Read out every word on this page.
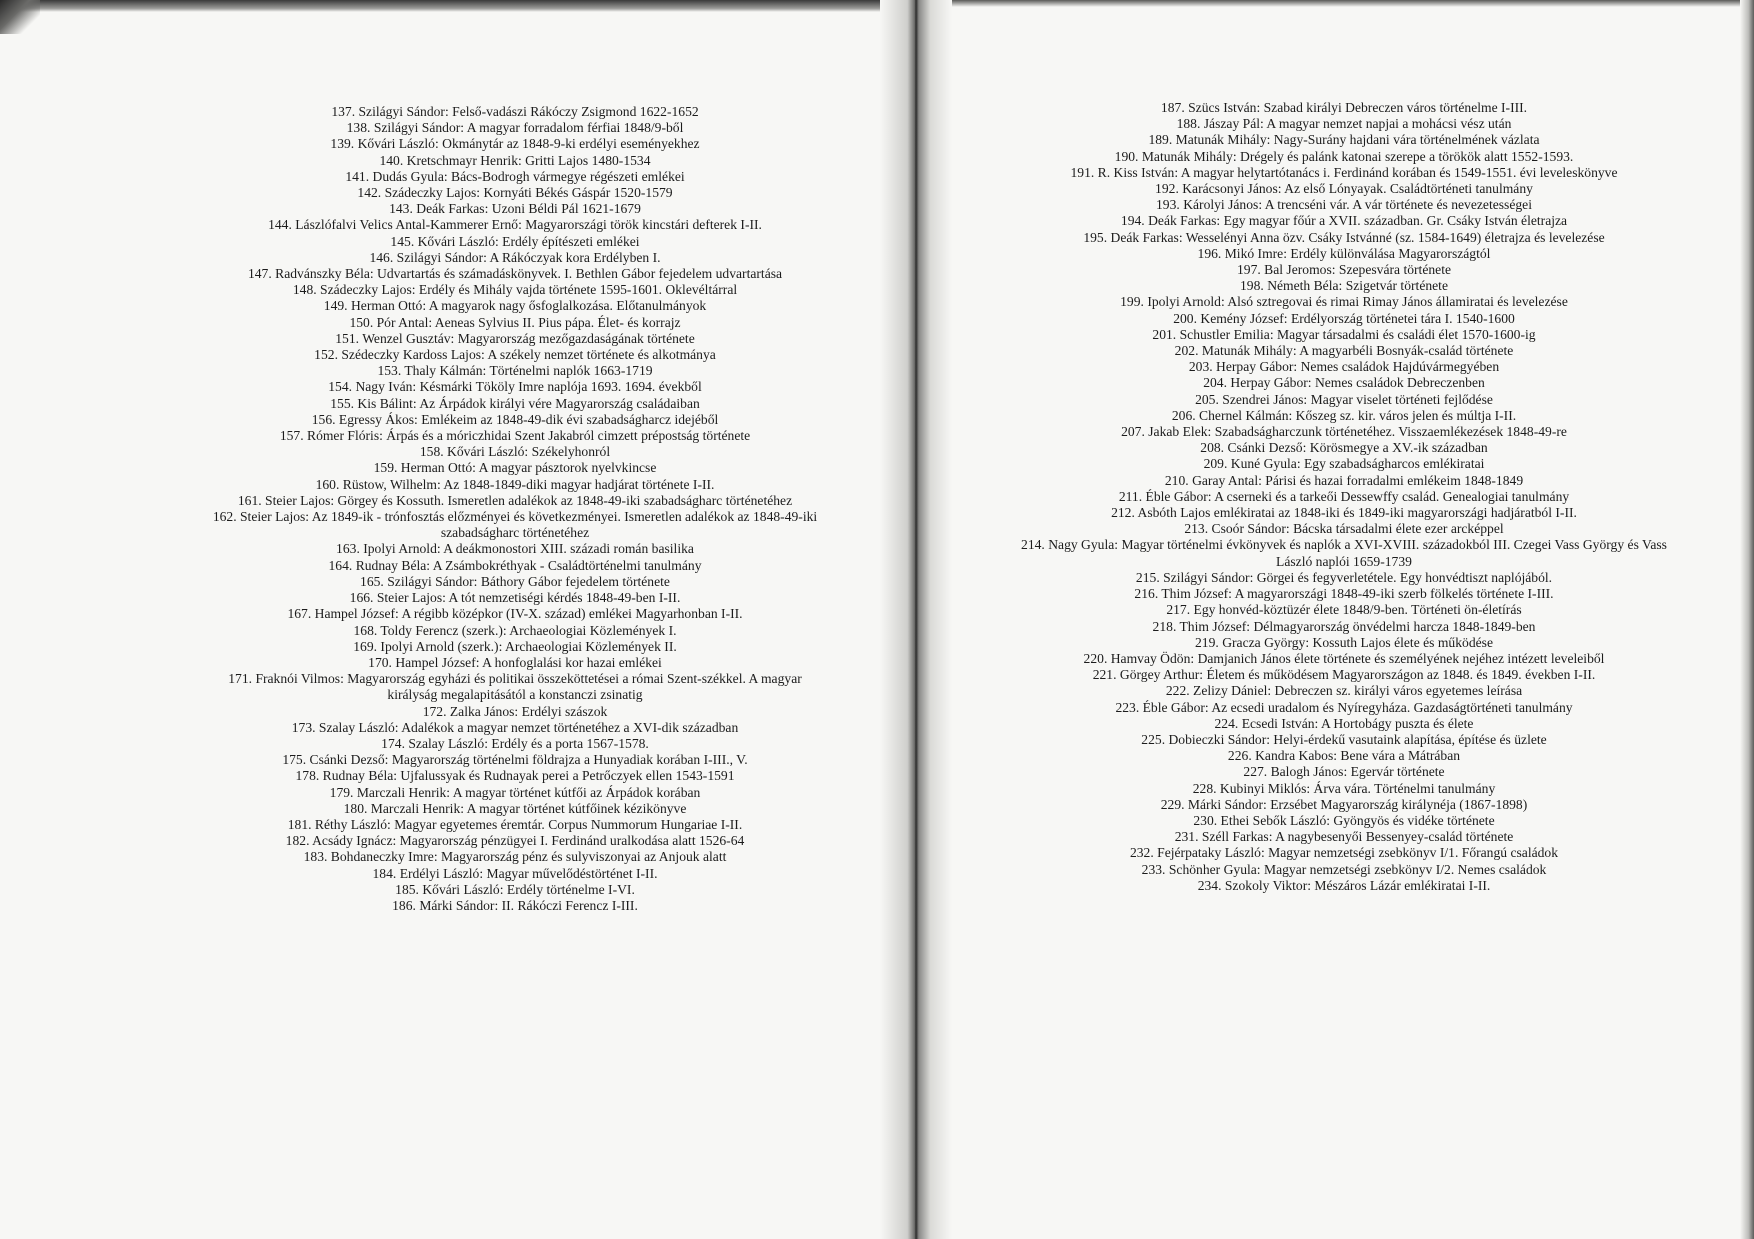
137. Szilágyi Sándor: Felső-vadászi Rákóczy Zsigmond 1622-1652
138. Szilágyi Sándor: A magyar forradalom férfiai 1848/9-ből
139. Kővári László: Okmánytár az 1848-9-ki erdélyi eseményekhez
140. Kretschmayr Henrik: Gritti Lajos 1480-1534
141. Dudás Gyula: Bács-Bodrogh vármegye régészeti emlékei
142. Szádeczky Lajos: Kornyáti Békés Gáspár 1520-1579
143. Deák Farkas: Uzoni Béldi Pál 1621-1679
144. Lászlófalvi Velics Antal-Kammerer Ernő: Magyarországi török kincstári defterek I-II.
145. Kővári László: Erdély építészeti emlékei
146. Szilágyi Sándor: A Rákóczyak kora Erdélyben I.
147. Radvánszky Béla: Udvartartás és számadáskönyvek. I. Bethlen Gábor fejedelem udvartartása
148. Szádeczky Lajos: Erdély és Mihály vajda története 1595-1601. Oklevéltárral
149. Herman Ottó: A magyarok nagy ősfoglalkozása. Előtanulmányok
150. Pór Antal: Aeneas Sylvius II. Pius pápa. Élet- és korrajz
151. Wenzel Gusztáv: Magyarország mezőgazdaságának története
152. Szédeczky Kardoss Lajos: A székely nemzet története és alkotmánya
153. Thaly Kálmán: Történelmi naplók 1663-1719
154. Nagy Iván: Késmárki Tököly Imre naplója 1693. 1694. évekből
155. Kis Bálint: Az Árpádok királyi vére Magyarország családaiban
156. Egressy Ákos: Emlékeim az 1848-49-dik évi szabadságharcz idejéből
157. Rómer Flóris: Árpás és a móriczhidai Szent Jakabról cimzett prépostság története
158. Kővári László: Székelyhonról
159. Herman Ottó: A magyar pásztorok nyelvkincse
160. Rüstow, Wilhelm: Az 1848-1849-diki magyar hadjárat története I-II.
161. Steier Lajos: Görgey és Kossuth. Ismeretlen adalékok az 1848-49-iki szabadságharc történetéhez
162. Steier Lajos: Az 1849-ik - trónfosztás előzményei és következményei. Ismeretlen adalékok az 1848-49-iki szabadságharc történetéhez
163. Ipolyi Arnold: A deákmonostori XIII. századi román basilika
164. Rudnay Béla: A Zsámbokréthyak - Családtörténelmi tanulmány
165. Szilágyi Sándor: Báthory Gábor fejedelem története
166. Steier Lajos: A tót nemzetiségi kérdés 1848-49-ben I-II.
167. Hampel József: A régibb középkor (IV-X. század) emlékei Magyarhonban I-II.
168. Toldy Ferencz (szerk.): Archaeologiai Közlemények I.
169. Ipolyi Arnold (szerk.): Archaeologiai Közlemények II.
170. Hampel József: A honfoglalási kor hazai emlékei
171. Fraknói Vilmos: Magyarország egyházi és politikai összeköttetései a római Szent-székkel. A magyar királyság megalapitásától a konstanczi zsinatig
172. Zalka János: Erdélyi szászok
173. Szalay László: Adalékok a magyar nemzet történetéhez a XVI-dik században
174. Szalay László: Erdély és a porta 1567-1578.
175. Csánki Dezső: Magyarország történelmi földrajza a Hunyadiak korában I-III., V.
178. Rudnay Béla: Ujfalussyak és Rudnayak perei a Petrőczyek ellen 1543-1591
179. Marczali Henrik: A magyar történet kútfői az Árpádok korában
180. Marczali Henrik: A magyar történet kútfőinek kézikönyve
181. Réthy László: Magyar egyetemes éremtár. Corpus Nummorum Hungariae I-II.
182. Acsády Ignácz: Magyarország pénzügyei I. Ferdinánd uralkodása alatt 1526-64
183. Bohdaneczky Imre: Magyarország pénz és sulyviszonyai az Anjouk alatt
184. Erdélyi László: Magyar művelődéstörténet I-II.
185. Kővári László: Erdély történelme I-VI.
186. Márki Sándor: II. Rákóczi Ferencz I-III.
187. Szücs István: Szabad királyi Debreczen város történelme I-III.
188. Jászay Pál: A magyar nemzet napjai a mohácsi vész után
189. Matunák Mihály: Nagy-Surány hajdani vára történelmének vázlata
190. Matunák Mihály: Drégely és palánk katonai szerepe a törökök alatt 1552-1593.
191. R. Kiss István: A magyar helytartótanács i. Ferdinánd korában és 1549-1551. évi leveleskönyve
192. Karácsonyi János: Az első Lónyayak. Családtörténeti tanulmány
193. Károlyi János: A trencséni vár. A vár története és nevezetességei
194. Deák Farkas: Egy magyar főúr a XVII. században. Gr. Csáky István életrajza
195. Deák Farkas: Wesselényi Anna özv. Csáky Istvánné (sz. 1584-1649) életrajza és levelezése
196. Mikó Imre: Erdély különválása Magyarországtól
197. Bal Jeromos: Szepesvára története
198. Németh Béla: Szigetvár története
199. Ipolyi Arnold: Alsó sztregovai és rimai Rimay János államiratai és levelezése
200. Kemény József: Erdélyország történetei tára I. 1540-1600
201. Schustler Emilia: Magyar társadalmi és családi élet 1570-1600-ig
202. Matunák Mihály: A magyarbéli Bosnyák-család története
203. Herpay Gábor: Nemes családok Hajdúvármegyében
204. Herpay Gábor: Nemes családok Debreczenben
205. Szendrei János: Magyar viselet történeti fejlődése
206. Chernel Kálmán: Kőszeg sz. kir. város jelen és múltja I-II.
207. Jakab Elek: Szabadságharczunk történetéhez. Visszaemlékezések 1848-49-re
208. Csánki Dezső: Körösmegye a XV.-ik században
209. Kuné Gyula: Egy szabadságharcos emlékiratai
210. Garay Antal: Párisi és hazai forradalmi emlékeim 1848-1849
211. Éble Gábor: A cserneki és a tarkeői Dessewffy család. Genealogiai tanulmány
212. Asbóth Lajos emlékiratai az 1848-iki és 1849-iki magyarországi hadjáratból I-II.
213. Csoór Sándor: Bácska társadalmi élete ezer arcképpel
214. Nagy Gyula: Magyar történelmi évkönyvek és naplók a XVI-XVIII. századokból III. Czegei Vass György és Vass László naplói 1659-1739
215. Szilágyi Sándor: Görgei és fegyverletétele. Egy honvédtiszt naplójából.
216. Thim József: A magyarországi 1848-49-iki szerb fölkelés története I-III.
217. Egy honvéd-köztüzér élete 1848/9-ben. Történeti ön-életírás
218. Thim József: Délmagyarország önvédelmi harcza 1848-1849-ben
219. Gracza György: Kossuth Lajos élete és működése
220. Hamvay Ödön: Damjanich János élete története és személyének nejéhez intézett leveleiből
221. Görgey Arthur: Életem és működésem Magyarországon az 1848. és 1849. években I-II.
222. Zelizy Dániel: Debreczen sz. királyi város egyetemes leírása
223. Éble Gábor: Az ecsedi uradalom és Nyíregyháza. Gazdaságtörténeti tanulmány
224. Ecsedi István: A Hortobágy puszta és élete
225. Dobieczki Sándor: Helyi-érdekű vasutaink alapítása, építése és üzlete
226. Kandra Kabos: Bene vára a Mátrában
227. Balogh János: Egervár története
228. Kubinyi Miklós: Árva vára. Történelmi tanulmány
229. Márki Sándor: Erzsébet Magyarország királynéja (1867-1898)
230. Ethei Sebők László: Gyöngyös és vidéke története
231. Széll Farkas: A nagybesenyői Bessenyey-család története
232. Fejérpataky László: Magyar nemzetségi zsebkönyv I/1. Főrangú családok
233. Schönher Gyula: Magyar nemzetségi zsebkönyv I/2. Nemes családok
234. Szokoly Viktor: Mészáros Lázár emlékiratai I-II.
